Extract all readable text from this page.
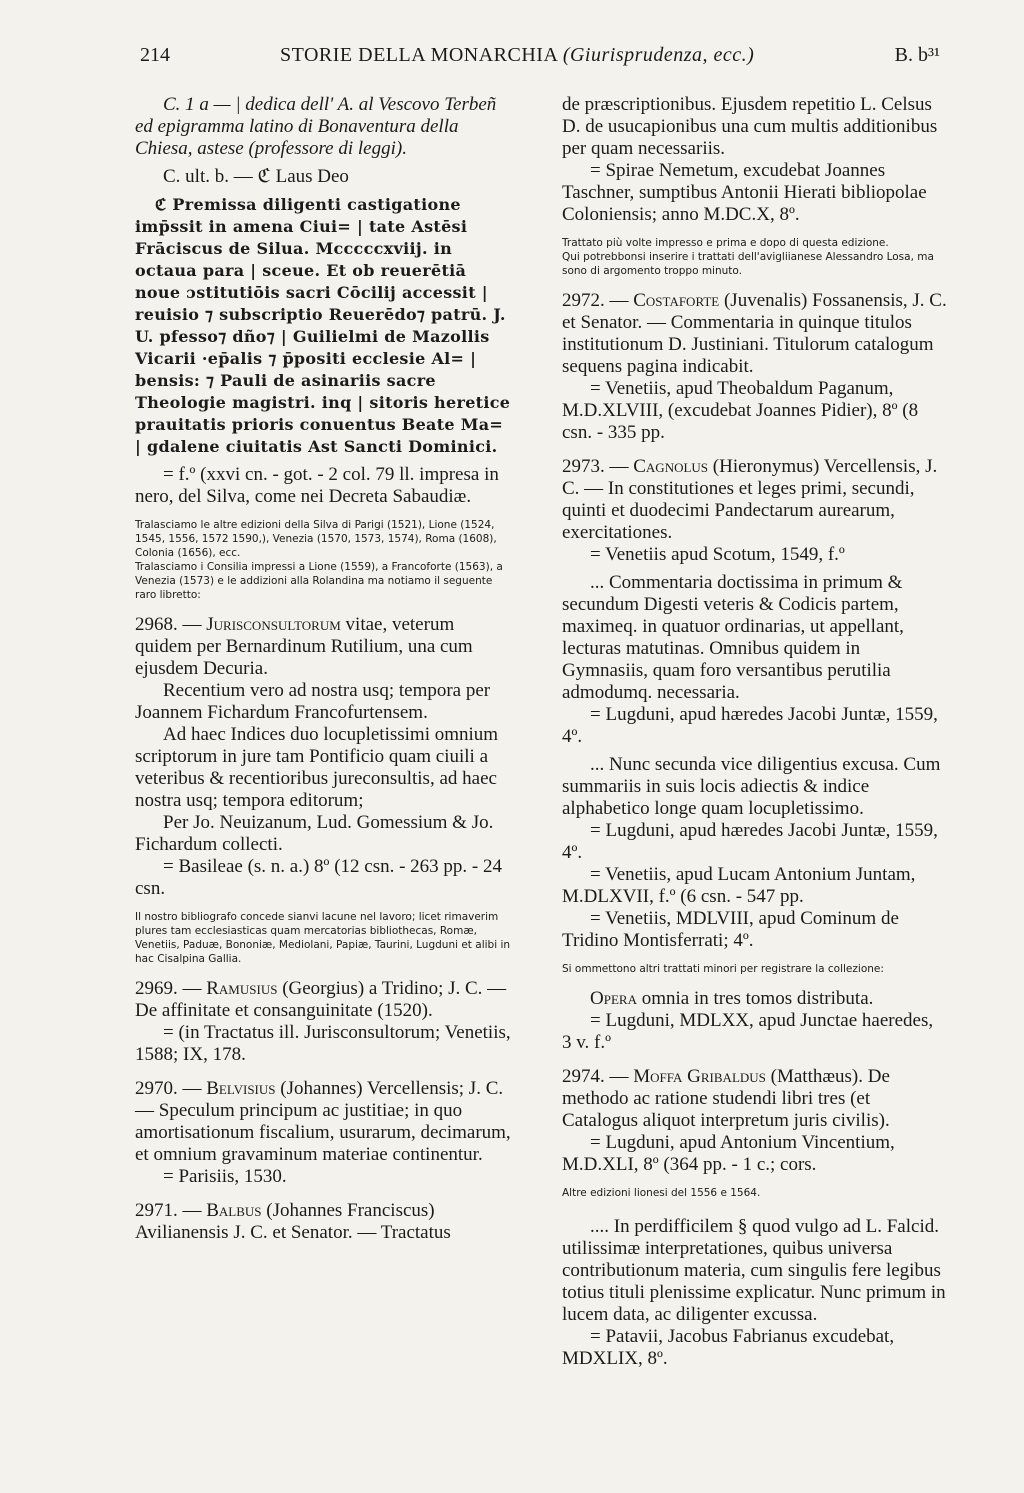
214	STORIE DELLA MONARCHIA (Giurisprudenza, ecc.)	B. b³¹

C. 1 a — | dedica dell' A. al Vescovo Terbeñ ed epigramma latino di Bonaventura della Chiesa, astese (professore di leggi).

C. ult. b. — ℭ Laus Deo

ℭ Premissa diligenti castigatione imp̄ssit in amena Ciui= | tate Astēsi Frāciscus de Silua. Mcccccxviij. in octaua para | sceue. Et ob reuerētiā noue ɔstitutiōis sacri Cōcilij accessit | reuisio ⁊ subscriptio Reuerēdo⁊ patrū. J. U. pfesso⁊ dño⁊ | Guilielmi de Mazollis Vicarii ·ep̄alis ⁊ p̄positi ecclesie Al= | bensis: ⁊ Pauli de asinariis sacre Theologie magistri. inq | sitoris heretice prauitatis prioris conuentus Beate Ma= | gdalene ciuitatis Ast Sancti Dominici.

= f.º (xxvi cn. - got. - 2 col. 79 ll. impresa in nero, del Silva, come nei Decreta Sabaudiæ.

Tralasciamo le altre edizioni della Silva di Parigi (1521), Lione (1524, 1545, 1556, 1572 1590,), Venezia (1570, 1573, 1574), Roma (1608), Colonia (1656), ecc.

Tralasciamo i Consilia impressi a Lione (1559), a Francoforte (1563), a Venezia (1573) e le addizioni alla Rolandina ma notiamo il seguente raro libretto:

2968. — Jurisconsultorum vitae, veterum quidem per Bernardinum Rutilium, una cum ejusdem Decuria.

Recentium vero ad nostra usq; tempora per Joannem Fichardum Francofurtensem.

Ad haec Indices duo locupletissimi omnium scriptorum in jure tam Pontificio quam ciuili a veteribus & recentioribus jureconsultis, ad haec nostra usq; tempora editorum;

Per Jo. Neuizanum, Lud. Gomessium & Jo. Fichardum collecti.

= Basileae (s. n. a.) 8º (12 csn. - 263 pp. - 24 csn.

Il nostro bibliografo concede sianvi lacune nel lavoro; licet rimaverim plures tam ecclesiasticas quam mercatorias bibliothecas, Romæ, Venetiis, Paduæ, Bononiæ, Mediolani, Papiæ, Taurini, Lugduni et alibi in hac Cisalpina Gallia.

2969. — Ramusius (Georgius) a Tridino; J. C. — De affinitate et consanguinitate (1520).

= (in Tractatus ill. Jurisconsultorum; Venetiis, 1588; IX, 178.

2970. — Belvisius (Johannes) Vercellensis; J. C. — Speculum principum ac justitiae; in quo amortisationum fiscalium, usurarum, decimarum, et omnium gravaminum materiae continentur.

= Parisiis, 1530.

2971. — Balbus (Johannes Franciscus) Avilianensis J. C. et Senator. — Tractatus

de præscriptionibus. Ejusdem repetitio L. Celsus D. de usucapionibus una cum multis additionibus per quam necessariis.

= Spirae Nemetum, excudebat Joannes Taschner, sumptibus Antonii Hierati bibliopolae Coloniensis; anno M.DC.X, 8º.

Trattato più volte impresso e prima e dopo di questa edizione.

Qui potrebbonsi inserire i trattati dell'avigliianese Alessandro Losa, ma sono di argomento troppo minuto.

2972. — Costaforte (Juvenalis) Fossanensis, J. C. et Senator. — Commentaria in quinque titulos institutionum D. Justiniani. Titulorum catalogum sequens pagina indicabit.

= Venetiis, apud Theobaldum Paganum, M.D.XLVIII, (excudebat Joannes Pidier), 8º (8 csn. - 335 pp.

2973. — Cagnolus (Hieronymus) Vercellensis, J. C. — In constitutiones et leges primi, secundi, quinti et duodecimi Pandectarum aurearum, exercitationes.

= Venetiis apud Scotum, 1549, f.º

... Commentaria doctissima in primum & secundum Digesti veteris & Codicis partem, maximeq. in quatuor ordinarias, ut appellant, lecturas matutinas. Omnibus quidem in Gymnasiis, quam foro versantibus perutilia admodumq. necessaria.

= Lugduni, apud hæredes Jacobi Juntæ, 1559, 4º.

... Nunc secunda vice diligentius excusa. Cum summariis in suis locis adiectis & indice alphabetico longe quam locupletissimo.

= Lugduni, apud hæredes Jacobi Juntæ, 1559, 4º.

= Venetiis, apud Lucam Antonium Juntam, M.DLXVII, f.º (6 csn. - 547 pp.

= Venetiis, MDLVIII, apud Cominum de Tridino Montisferrati; 4º.

Si ommettono altri trattati minori per registrare la collezione:

Opera omnia in tres tomos distributa.

= Lugduni, MDLXX, apud Junctae haeredes, 3 v. f.º

2974. — Moffa Gribaldus (Matthæus). De methodo ac ratione studendi libri tres (et Catalogus aliquot interpretum juris civilis).

= Lugduni, apud Antonium Vincentium, M.D.XLI, 8º (364 pp. - 1 c.; cors.

Altre edizioni lionesi del 1556 e 1564.

.... In perdifficilem § quod vulgo ad L. Falcid. utilissimæ interpretationes, quibus universa contributionum materia, cum singulis fere legibus totius tituli plenissime explicatur. Nunc primum in lucem data, ac diligenter excussa.

= Patavii, Jacobus Fabrianus excudebat, MDXLIX, 8º.
